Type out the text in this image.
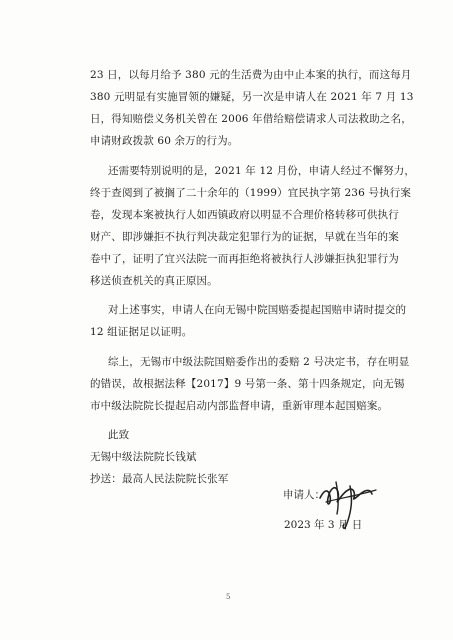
23 日，以每月给予 380 元的生活费为由中止本案的执行，而这每月
380 元明显有实施冒领的嫌疑，另一次是申请人在 2021 年 7 月 13
日，得知赔偿义务机关曾在 2006 年借给赔偿请求人司法救助之名，
申请财政拨款 60 余万的行为。
还需要特别说明的是，2021 年 12 月份，申请人经过不懈努力，
终于查阅到了被搁了二十余年的（1999）宜民执字第 236 号执行案
卷，发现本案被执行人如西镇政府以明显不合理价格转移可供执行
财产、即涉嫌拒不执行判决裁定犯罪行为的证据，早就在当年的案
卷中了，证明了宜兴法院一而再拒绝将被执行人涉嫌拒执犯罪行为
移送侦查机关的真正原因。
对上述事实，申请人在向无锡中院国赔委提起国赔申请时提交的
12 组证据足以证明。
综上，无锡市中级法院国赔委作出的委赔 2 号决定书，存在明显
的错误，故根据法释【2017】9 号第一条、第十四条规定，向无锡
市中级法院院长提起启动内部监督申请，重新审理本起国赔案。
此致
无锡中级法院院长钱斌
抄送：最高人民法院院长张军
申请人：
2023 年 3 月 日
5
